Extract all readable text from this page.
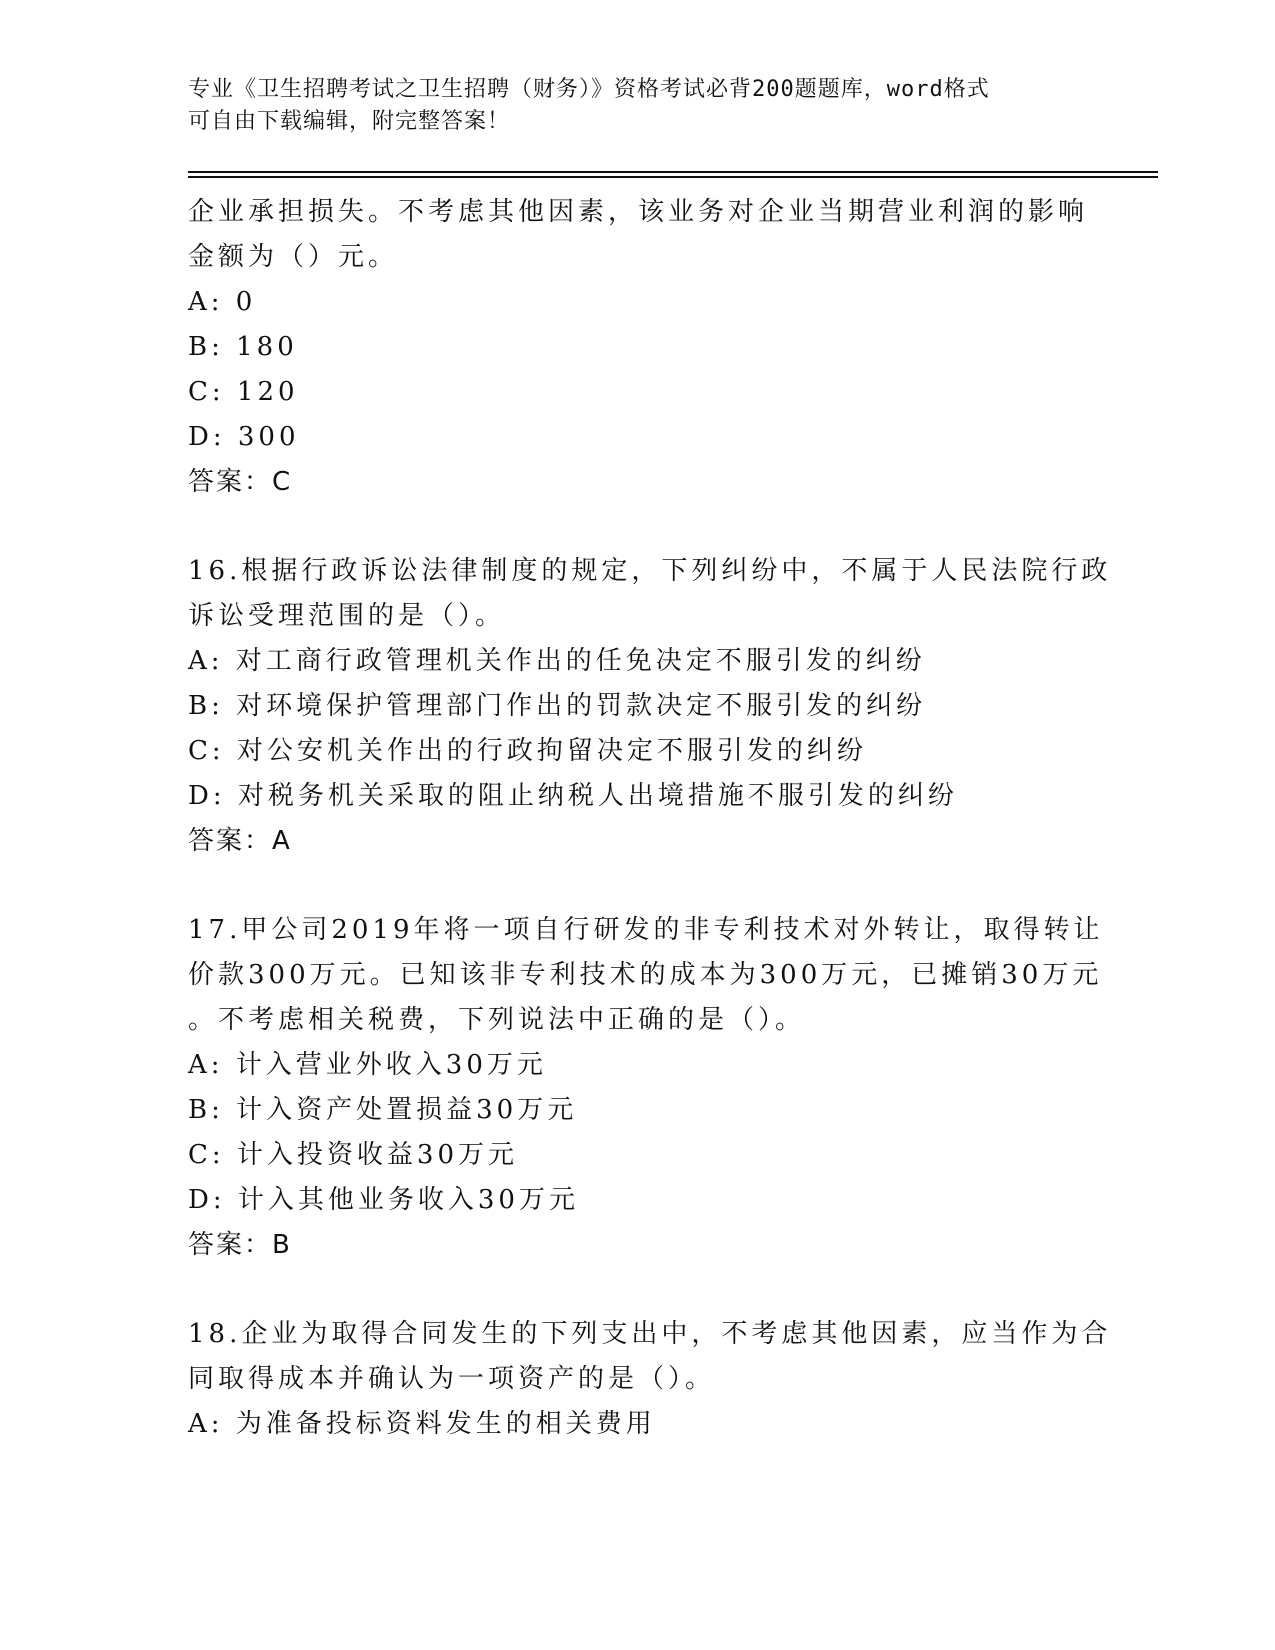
专业《卫生招聘考试之卫生招聘（财务）》资格考试必背200题题库，word格式
可自由下载编辑，附完整答案！
企业承担损失。不考虑其他因素，该业务对企业当期营业利润的影响
金额为（）元。
A: 0
B: 180
C: 120
D: 300
答案：C
16.根据行政诉讼法律制度的规定，下列纠纷中，不属于人民法院行政
诉讼受理范围的是（）。
A: 对工商行政管理机关作出的任免决定不服引发的纠纷
B: 对环境保护管理部门作出的罚款决定不服引发的纠纷
C: 对公安机关作出的行政拘留决定不服引发的纠纷
D: 对税务机关采取的阻止纳税人出境措施不服引发的纠纷
答案：A
17.甲公司2019年将一项自行研发的非专利技术对外转让，取得转让
价款300万元。已知该非专利技术的成本为300万元，已摊销30万元
。不考虑相关税费，下列说法中正确的是（）。
A: 计入营业外收入30万元
B: 计入资产处置损益30万元
C: 计入投资收益30万元
D: 计入其他业务收入30万元
答案：B
18.企业为取得合同发生的下列支出中，不考虑其他因素，应当作为合
同取得成本并确认为一项资产的是（）。
A: 为准备投标资料发生的相关费用
